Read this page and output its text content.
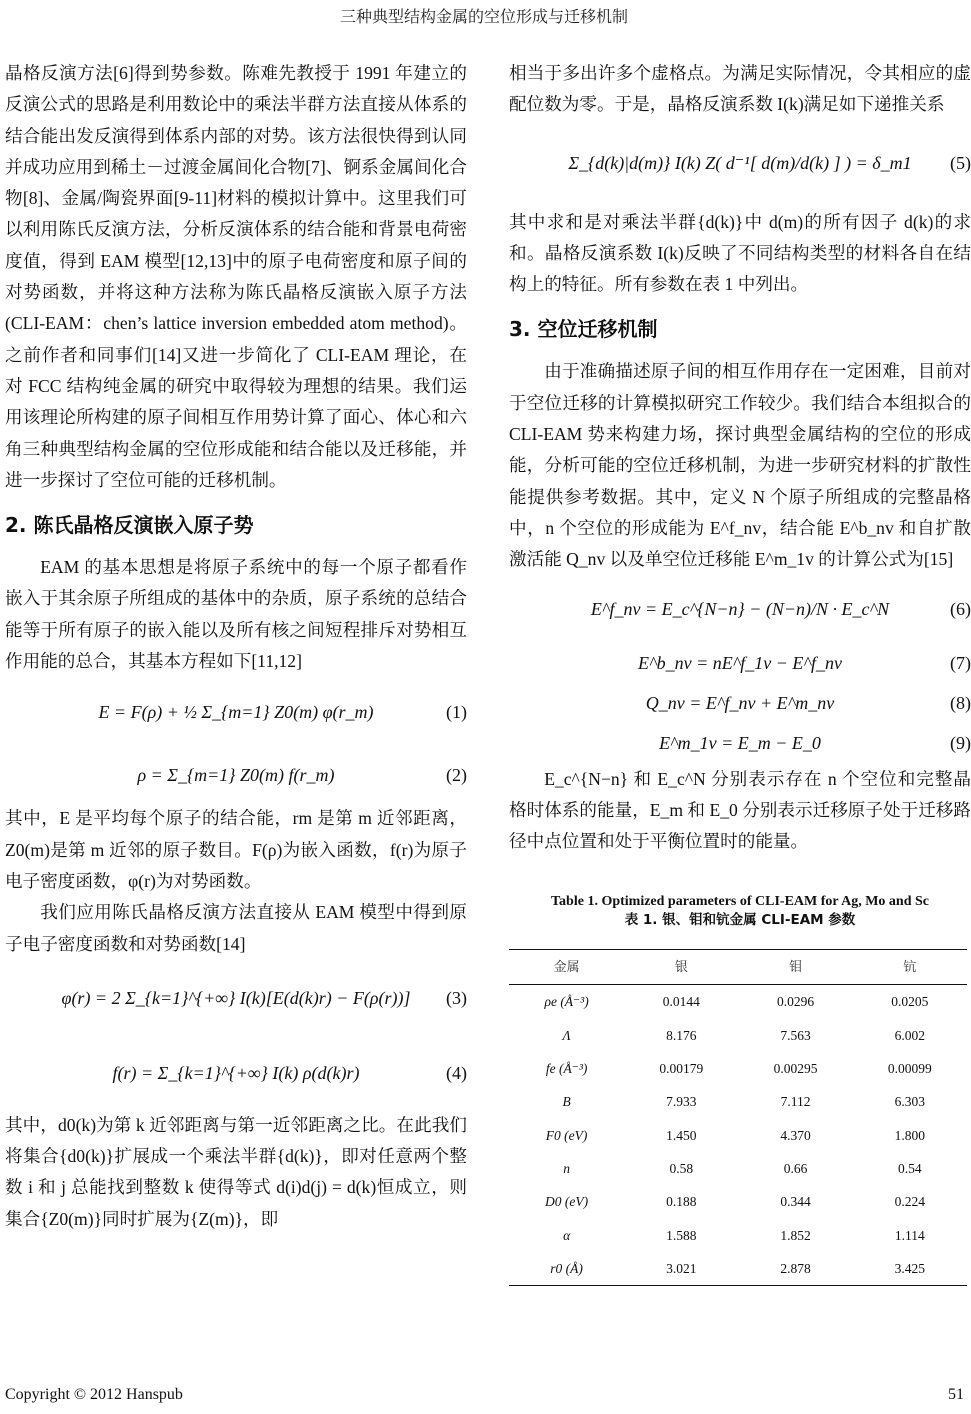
三种典型结构金属的空位形成与迁移机制

晶格反演方法[6]得到势参数。陈难先教授于 1991 年建立的反演公式的思路是利用数论中的乘法半群方法直接从体系的结合能出发反演得到体系内部的对势。该方法很快得到认同并成功应用到稀土－过渡金属间化合物[7]、锕系金属间化合物[8]、金属/陶瓷界面[9-11]材料的模拟计算中。这里我们可以利用陈氏反演方法，分析反演体系的结合能和背景电荷密度值，得到 EAM 模型[12,13]中的原子电荷密度和原子间的对势函数，并将这种方法称为陈氏晶格反演嵌入原子方法(CLI-EAM：chen’s lattice inversion embedded atom method)。之前作者和同事们[14]又进一步简化了 CLI-EAM 理论，在对 FCC 结构纯金属的研究中取得较为理想的结果。我们运用该理论所构建的原子间相互作用势计算了面心、体心和六角三种典型结构金属的空位形成能和结合能以及迁移能，并进一步探讨了空位可能的迁移机制。

2. 陈氏晶格反演嵌入原子势

EAM 的基本思想是将原子系统中的每一个原子都看作嵌入于其余原子所组成的基体中的杂质，原子系统的总结合能等于所有原子的嵌入能以及所有核之间短程排斥对势相互作用能的总合，其基本方程如下[11,12]

E = F(ρ) + ½ Σ_{m=1} Z0(m) φ(r_m)	(1)
ρ = Σ_{m=1} Z0(m) f(r_m)	(2)

其中，E 是平均每个原子的结合能，rm 是第 m 近邻距离，Z0(m)是第 m 近邻的原子数目。F(ρ)为嵌入函数，f(r)为原子电子密度函数，φ(r)为对势函数。

我们应用陈氏晶格反演方法直接从 EAM 模型中得到原子电子密度函数和对势函数[14]

φ(r) = 2 Σ_{k=1}^{+∞} I(k)[E(d(k)r) − F(ρ(r))] (3)
f(r) = Σ_{k=1}^{+∞} I(k) ρ(d(k)r)	(4)

其中，d0(k)为第 k 近邻距离与第一近邻距离之比。在此我们将集合{d0(k)}扩展成一个乘法半群{d(k)}，即对任意两个整数 i 和 j 总能找到整数 k 使得等式 d(i)d(j) = d(k)恒成立，则集合{Z0(m)}同时扩展为{Z(m)}，即

相当于多出许多个虚格点。为满足实际情况，令其相应的虚配位数为零。于是，晶格反演系数 I(k)满足如下递推关系

Σ_{d(k)|d(m)} I(k) Z( d⁻¹[ d(m)/d(k) ] ) = δ_m1 (5)

其中求和是对乘法半群{d(k)}中 d(m)的所有因子 d(k)的求和。晶格反演系数 I(k)反映了不同结构类型的材料各自在结构上的特征。所有参数在表 1 中列出。

3. 空位迁移机制

由于准确描述原子间的相互作用存在一定困难，目前对于空位迁移的计算模拟研究工作较少。我们结合本组拟合的 CLI-EAM 势来构建力场，探讨典型金属结构的空位的形成能，分析可能的空位迁移机制，为进一步研究材料的扩散性能提供参考数据。其中，定义 N 个原子所组成的完整晶格中，n 个空位的形成能为 E^f_nv，结合能 E^b_nv 和自扩散激活能 Q_nv 以及单空位迁移能 E^m_1v 的计算公式为[15]

E^f_nv = E_c^{N−n} − (N−n)/N · E_c^N	(6)
E^b_nv = nE^f_1v − E^f_nv	(7)
Q_nv = E^f_nv + E^m_nv	(8)
E^m_1v = E_m − E_0	(9)

E_c^{N−n} 和 E_c^N 分别表示存在 n 个空位和完整晶格时体系的能量，E_m 和 E_0 分别表示迁移原子处于迁移路径中点位置和处于平衡位置时的能量。

Table 1. Optimized parameters of CLI-EAM for Ag, Mo and Sc
表 1. 银、钼和钪金属 CLI-EAM 参数
金属	银	钼	钪
ρe (Å⁻³)	0.0144	0.0296	0.0205
Λ	8.176	7.563	6.002
fe (Å⁻³)	0.00179	0.00295	0.00099
B	7.933	7.112	6.303
F0 (eV)	1.450	4.370	1.800
n	0.58	0.66	0.54
D0 (eV)	0.188	0.344	0.224
α	1.588	1.852	1.114
r0 (Å)	3.021	2.878	3.425
Copyright © 2012 Hanspub	51
